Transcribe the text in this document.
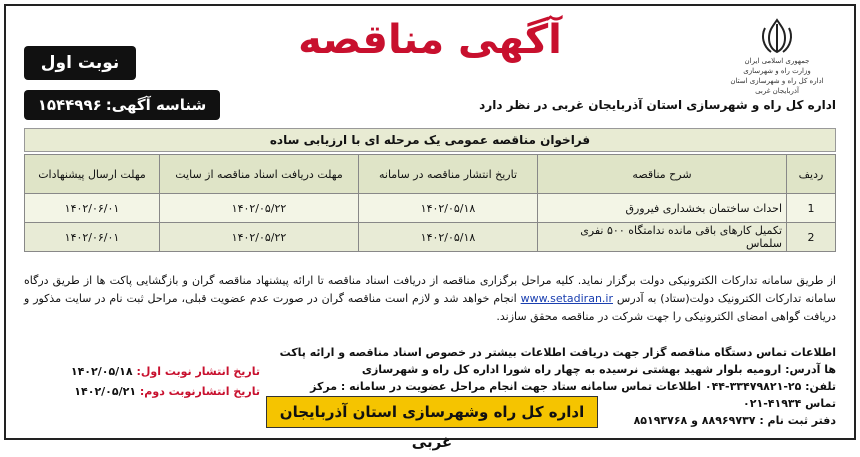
جمهوری اسلامی ایران
وزارت راه و شهرسازی
اداره کل راه و شهرسازی استان آذربایجان غربی
آگهی مناقصه
اداره کل راه و شهرسازی استان آذربایجان غربی در نظر دارد
نوبت اول
شناسه آگهی:
۱۵۴۴۹۹۶
فراخوان مناقصه عمومی یک مرحله ای با ارزیابی ساده
ردیف	شرح مناقصه	تاریخ انتشار مناقصه در سامانه	مهلت دریافت اسناد مناقصه از سایت	مهلت ارسال پیشنهادات
1	احداث ساختمان بخشداری فیرورق	۱۴۰۲/۰۵/۱۸	۱۴۰۲/۰۵/۲۲	۱۴۰۲/۰۶/۰۱
2	تکمیل کارهای باقی مانده ندامتگاه ۵۰۰ نفری سلماس	۱۴۰۲/۰۵/۱۸	۱۴۰۲/۰۵/۲۲	۱۴۰۲/۰۶/۰۱
از طریق سامانه تدارکات الکترونیکی دولت برگزار نماید. کلیه مراحل برگزاری مناقصه از دریافت اسناد مناقصه تا ارائه پیشنهاد مناقصه گران و بازگشایی پاکت ها از طریق درگاه سامانه تدارکات الکترونیک دولت(ستاد) به آدرس www.setadiran.ir انجام خواهد شد و لازم است مناقصه گران در صورت عدم عضویت قبلی، مراحل ثبت نام در سایت مذکور و دریافت گواهی امضای الکترونیکی را جهت شرکت در مناقصه محقق سازند.
اطلاعات تماس دستگاه مناقصه گزار جهت دریافت اطلاعات بیشتر در خصوص اسناد مناقصه و ارائه پاکت ها آدرس: ارومیه بلوار شهید بهشتی نرسیده به چهار راه شورا اداره کل راه و شهرسازی
تلفن: ۲۵-۳۳۴۷۹۸۲۱-۰۴۴ اطلاعات تماس سامانه ستاد جهت انجام مراحل عضویت در سامانه : مرکز تماس ۴۱۹۳۴-۰۲۱
دفتر ثبت نام : ۸۸۹۶۹۷۳۷ و ۸۵۱۹۳۷۶۸
تاریخ انتشار نوبت اول: ۱۴۰۲/۰۵/۱۸
تاریخ انتشارنوبت دوم: ۱۴۰۲/۰۵/۲۱
اداره کل راه وشهرسازی استان آذربایجان غربی
